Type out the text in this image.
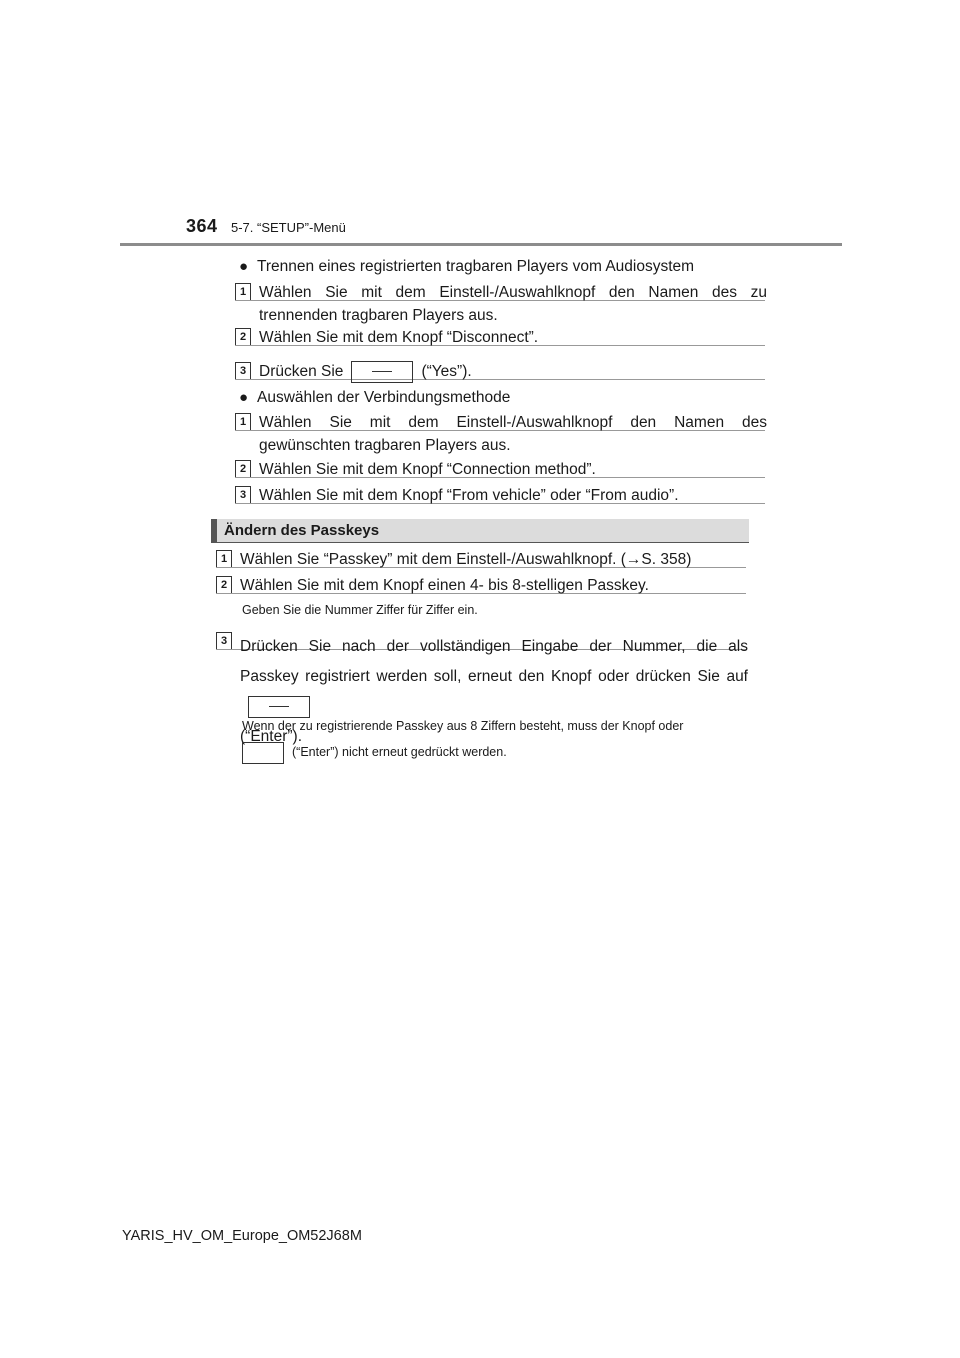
364 5-7. “SETUP”-Menü
● Trennen eines registrierten tragbaren Players vom Audiosystem
1 Wählen Sie mit dem Einstell-/Auswahlknopf den Namen des zu trennenden tragbaren Players aus.
2 Wählen Sie mit dem Knopf “Disconnect”.
3 Drücken Sie	(“Yes”).
● Auswählen der Verbindungsmethode
1 Wählen Sie mit dem Einstell-/Auswahlknopf den Namen des gewünschten tragbaren Players aus.
2 Wählen Sie mit dem Knopf “Connection method”.
3 Wählen Sie mit dem Knopf “From vehicle” oder “From audio”.
Ändern des Passkeys
1 Wählen Sie “Passkey” mit dem Einstell-/Auswahlknopf. (→S. 358)
2 Wählen Sie mit dem Knopf einen 4- bis 8-stelligen Passkey.
Geben Sie die Nummer Ziffer für Ziffer ein.
3 Drücken Sie nach der vollständigen Eingabe der Nummer, die als Passkey registriert werden soll, erneut den Knopf oder drücken Sie auf
(“Enter”).
Wenn der zu registrierende Passkey aus 8 Ziffern besteht, muss der Knopf oder
(“Enter”) nicht erneut gedrückt werden.
YARIS_HV_OM_Europe_OM52J68M
